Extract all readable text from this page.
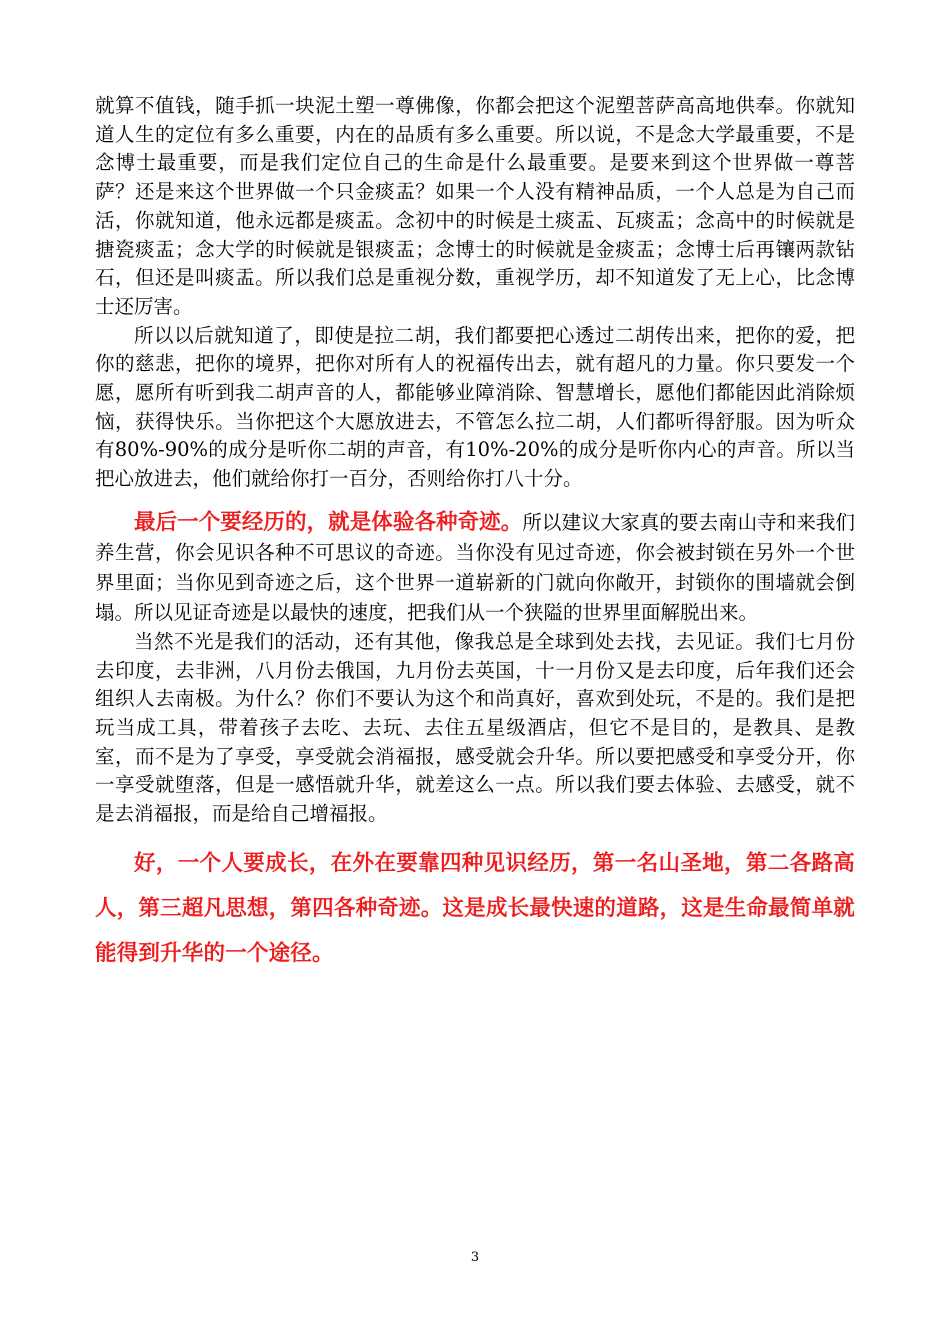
就算不值钱，随手抓一块泥土塑一尊佛像，你都会把这个泥塑菩萨高高地供奉。你就知道人生的定位有多么重要，内在的品质有多么重要。所以说，不是念大学最重要，不是念博士最重要，而是我们定位自己的生命是什么最重要。是要来到这个世界做一尊菩萨？还是来这个世界做一个只金痰盂？如果一个人没有精神品质，一个人总是为自己而活，你就知道，他永远都是痰盂。念初中的时候是土痰盂、瓦痰盂；念高中的时候就是搪瓷痰盂；念大学的时候就是银痰盂；念博士的时候就是金痰盂；念博士后再镶两款钻石，但还是叫痰盂。所以我们总是重视分数，重视学历，却不知道发了无上心，比念博士还厉害。

所以以后就知道了，即使是拉二胡，我们都要把心透过二胡传出来，把你的爱，把你的慈悲，把你的境界，把你对所有人的祝福传出去，就有超凡的力量。你只要发一个愿，愿所有听到我二胡声音的人，都能够业障消除、智慧增长，愿他们都能因此消除烦恼，获得快乐。当你把这个大愿放进去，不管怎么拉二胡，人们都听得舒服。因为听众有80%-90%的成分是听你二胡的声音，有10%-20%的成分是听你内心的声音。所以当把心放进去，他们就给你打一百分，否则给你打八十分。

最后一个要经历的，就是体验各种奇迹。所以建议大家真的要去南山寺和来我们养生营，你会见识各种不可思议的奇迹。当你没有见过奇迹，你会被封锁在另外一个世界里面；当你见到奇迹之后，这个世界一道崭新的门就向你敞开，封锁你的围墙就会倒塌。所以见证奇迹是以最快的速度，把我们从一个狭隘的世界里面解脱出来。

当然不光是我们的活动，还有其他，像我总是全球到处去找，去见证。我们七月份去印度，去非洲，八月份去俄国，九月份去英国，十一月份又是去印度，后年我们还会组织人去南极。为什么？你们不要认为这个和尚真好，喜欢到处玩，不是的。我们是把玩当成工具，带着孩子去吃、去玩、去住五星级酒店，但它不是目的，是教具、是教室，而不是为了享受，享受就会消福报，感受就会升华。所以要把感受和享受分开，你一享受就堕落，但是一感悟就升华，就差这么一点。所以我们要去体验、去感受，就不是去消福报，而是给自己增福报。

好，一个人要成长，在外在要靠四种见识经历，第一名山圣地，第二各路高人，第三超凡思想，第四各种奇迹。这是成长最快速的道路，这是生命最简单就能得到升华的一个途径。

3
